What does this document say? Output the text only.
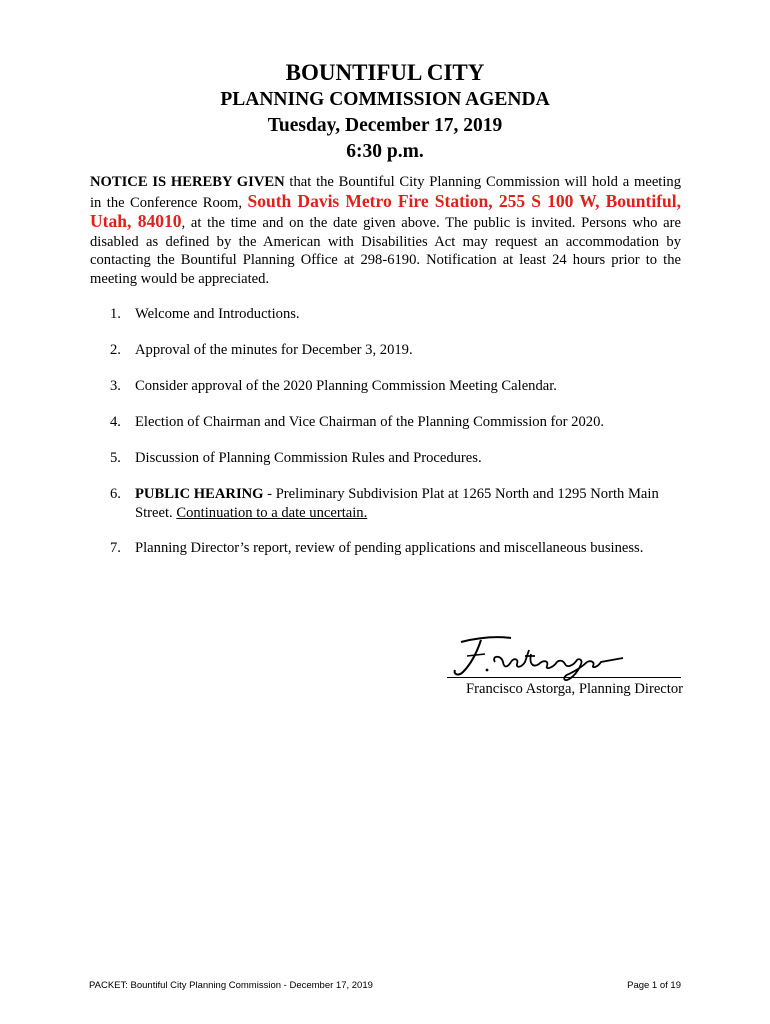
BOUNTIFUL CITY
PLANNING COMMISSION AGENDA
Tuesday, December 17, 2019
6:30 p.m.
NOTICE IS HEREBY GIVEN that the Bountiful City Planning Commission will hold a meeting in the Conference Room, South Davis Metro Fire Station, 255 S 100 W, Bountiful, Utah, 84010, at the time and on the date given above. The public is invited. Persons who are disabled as defined by the American with Disabilities Act may request an accommodation by contacting the Bountiful Planning Office at 298-6190. Notification at least 24 hours prior to the meeting would be appreciated.
1. Welcome and Introductions.
2. Approval of the minutes for December 3, 2019.
3. Consider approval of the 2020 Planning Commission Meeting Calendar.
4. Election of Chairman and Vice Chairman of the Planning Commission for 2020.
5. Discussion of Planning Commission Rules and Procedures.
6. PUBLIC HEARING - Preliminary Subdivision Plat at 1265 North and 1295 North Main Street. Continuation to a date uncertain.
7. Planning Director’s report, review of pending applications and miscellaneous business.
Francisco Astorga, Planning Director
PACKET: Bountiful City Planning Commission - December 17, 2019	Page 1 of 19
